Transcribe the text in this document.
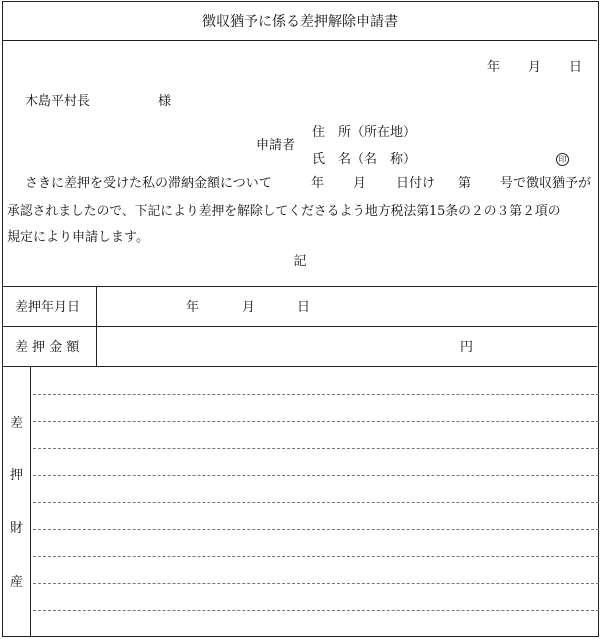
徴収猶予に係る差押解除申請書
年 月 日
木島平村長	様
申請者
住　所（所在地）
氏　名（名　称）	印
さきに差押を受けた私の滞納金額について	年 月 日付け 第 号で徴収猶予が
承認されましたので、下記により差押を解除してくださるよう地方税法第15条の２の３第２項の
規定により申請します。
記
差押年月日	年	月	日
差 押 金 額	円
差
押
財
産
